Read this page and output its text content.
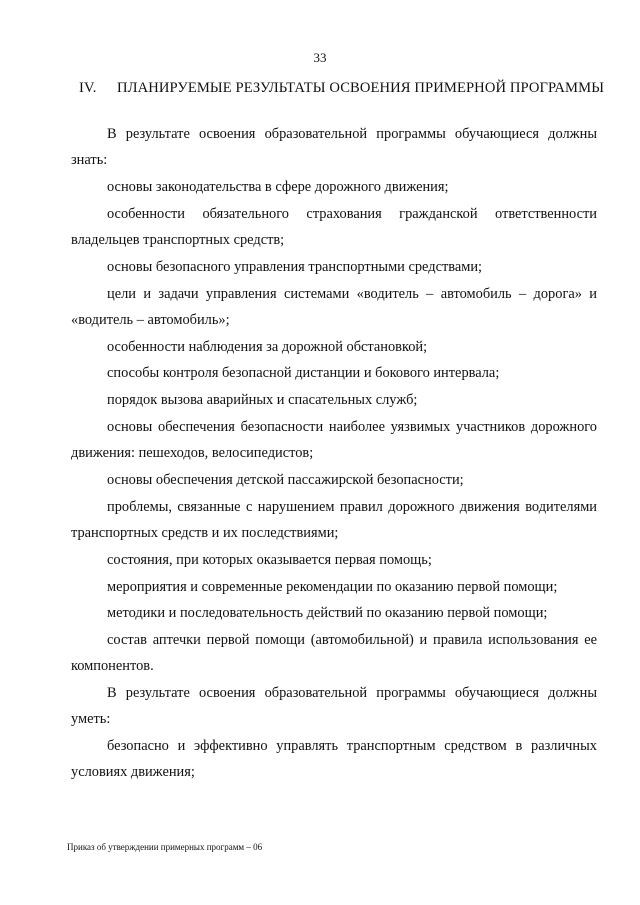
33
IV. ПЛАНИРУЕМЫЕ РЕЗУЛЬТАТЫ ОСВОЕНИЯ ПРИМЕРНОЙ ПРОГРАММЫ
В результате освоения образовательной программы обучающиеся должны
знать:
основы законодательства в сфере дорожного движения;
особенности обязательного страхования гражданской ответственности
владельцев транспортных средств;
основы безопасного управления транспортными средствами;
цели и задачи управления системами «водитель – автомобиль – дорога» и
«водитель – автомобиль»;
особенности наблюдения за дорожной обстановкой;
способы контроля безопасной дистанции и бокового интервала;
порядок вызова аварийных и спасательных служб;
основы обеспечения безопасности наиболее уязвимых участников дорожного
движения: пешеходов, велосипедистов;
основы обеспечения детской пассажирской безопасности;
проблемы, связанные с нарушением правил дорожного движения водителями
транспортных средств и их последствиями;
состояния, при которых оказывается первая помощь;
мероприятия и современные рекомендации по оказанию первой помощи;
методики и последовательность действий по оказанию первой помощи;
состав аптечки первой помощи (автомобильной) и правила использования ее
компонентов.
В результате освоения образовательной программы обучающиеся должны
уметь:
безопасно и эффективно управлять транспортным средством в различных
условиях движения;
Приказ об утверждении примерных программ – 06
